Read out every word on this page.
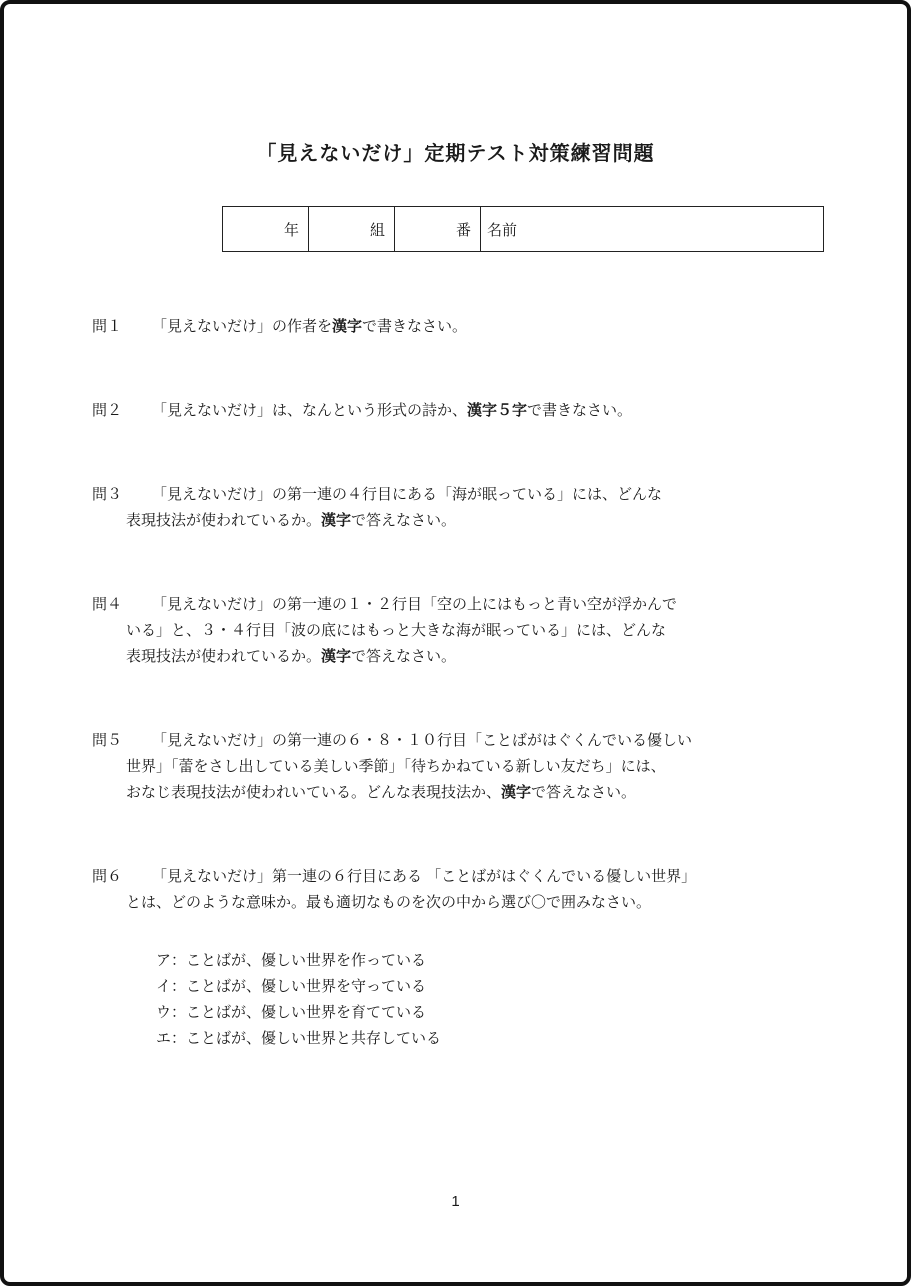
「見えないだけ」定期テスト対策練習問題
年	組	番 名前
問１	「見えないだけ」の作者を漢字で書きなさい。
問２	「見えないだけ」は、なんという形式の詩か、漢字５字で書きなさい。
問３	「見えないだけ」の第一連の４行目にある「海が眠っている」には、どんな
表現技法が使われているか。漢字で答えなさい。
問４	「見えないだけ」の第一連の１・２行目「空の上にはもっと青い空が浮かんで
いる」と、３・４行目「波の底にはもっと大きな海が眠っている」には、どんな
表現技法が使われているか。漢字で答えなさい。
問５	「見えないだけ」の第一連の６・８・１０行目「ことばがはぐくんでいる優しい
世界」「蕾をさし出している美しい季節」「待ちかねている新しい友だち」には、
おなじ表現技法が使われいている。どんな表現技法か、漢字で答えなさい。
問６	「見えないだけ」第一連の６行目にある 「ことばがはぐくんでいる優しい世界」
とは、どのような意味か。最も適切なものを次の中から選び〇で囲みなさい。
ア：ことばが、優しい世界を作っている
イ：ことばが、優しい世界を守っている
ウ：ことばが、優しい世界を育てている
エ：ことばが、優しい世界と共存している
1
